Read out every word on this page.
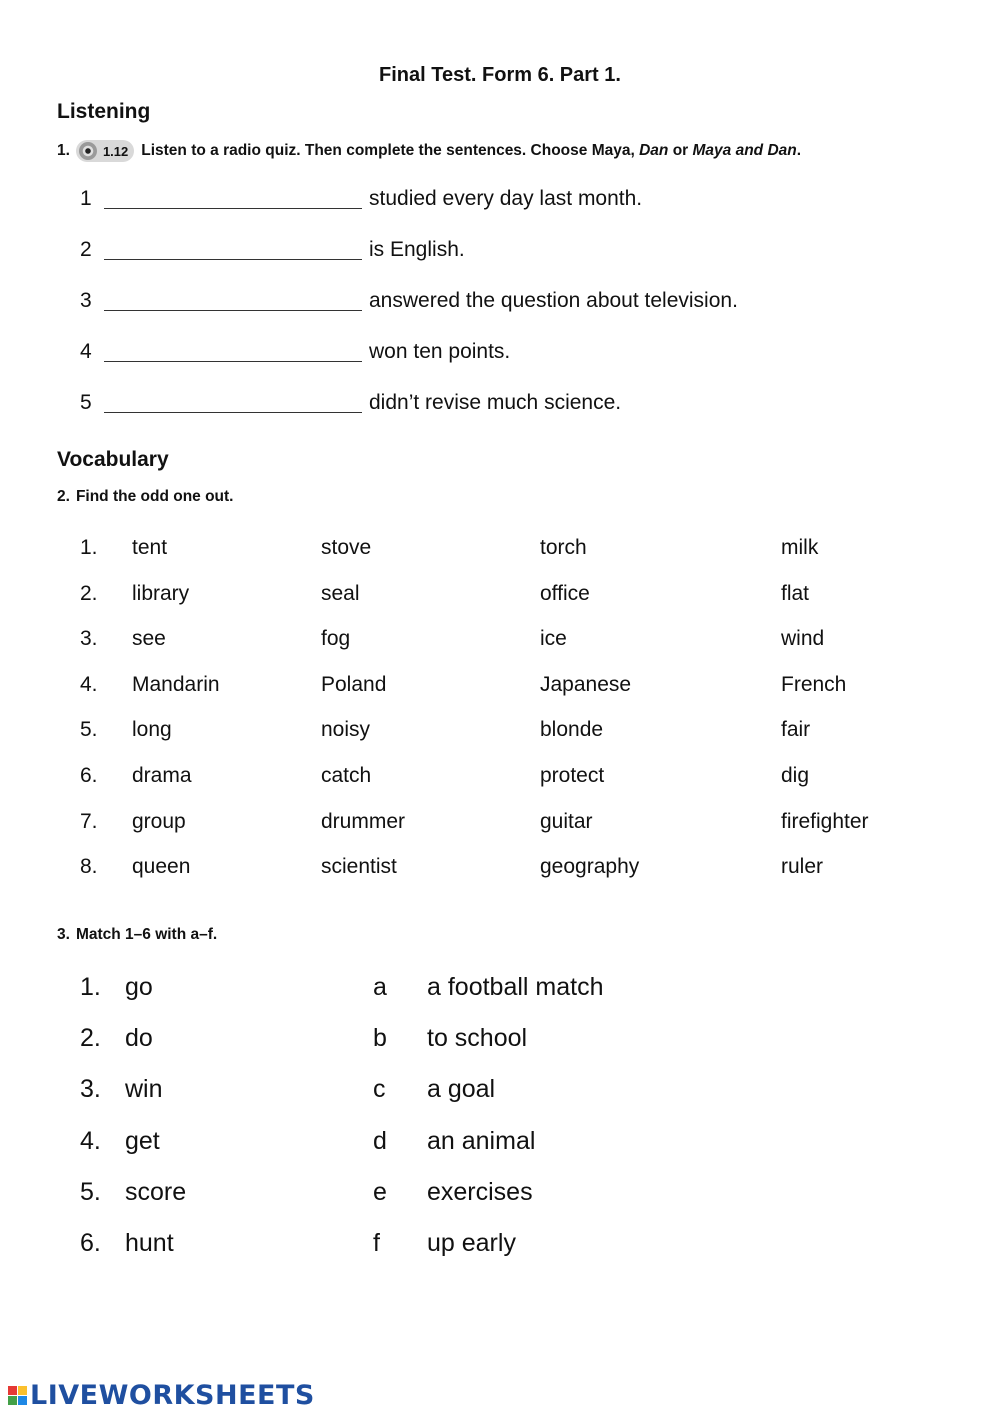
Final Test. Form 6. Part 1.
Listening
1.	1.12 Listen to a radio quiz. Then complete the sentences. Choose Maya,
Dan
or
Maya and Dan .
1	studied every day last month.
2	is English.
3	answered the question about television.
4	won ten points.
5	didn’t revise much science.
Vocabulary
2. Find the odd one out.
1. tent	stove	torch	milk
2. library	seal	office	flat
3. see	fog	ice	wind
4. Mandarin	Poland	Japanese	French
5. long	noisy	blonde	fair
6. drama	catch	protect	dig
7. group	drummer	guitar	firefighter
8. queen	scientist	geography	ruler
3. Match 1–6 with a–f.
1. go	a a football match
2. do	b to school
3. win	c a goal
4. get	d an animal
5. score	e exercises
6. hunt	f up early
LIVEWORKSHEETS
